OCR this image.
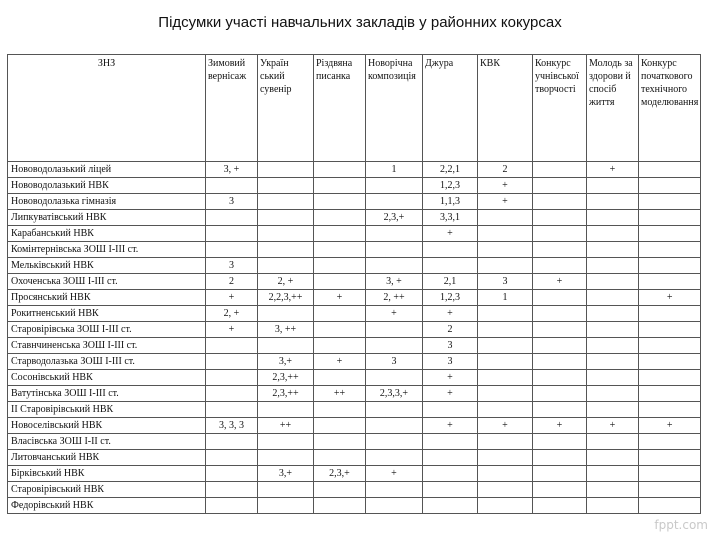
Підсумки участі навчальних закладів у районних кокурсах
ЗНЗ	Зимовий вернісаж	Україн ський сувенір	Різдвяна писанка	Новорічна композиція	Джура	КВК	Конкурс учнівської творчості	Молодь за здорови й спосіб життя	Конкурс початкового технічного моделювання
Нововодолазький ліцей	3, +			1	2,2,1	2		+	
Нововодолазький НВК					1,2,3	+			
Нововодолазька гімназія	3				1,1,3	+			
Липкуватівський НВК				2,3,+	3,3,1				
Карабанський НВК					+				
Комінтернівська ЗОШ І-ІІІ ст.									
Мельківський НВК	3								
Охоченська ЗОШ І-ІІІ ст.	2	2, +		3, +	2,1	3	+		
Просянський НВК	+	2,2,3,++	+	2, ++	1,2,3	1			+
Рокитненський НВК	2, +			+	+				
Старовірівська ЗОШ І-ІІІ ст.	+	3, ++			2				
Ставнчиненська ЗОШ І-ІІІ ст.					3				
Старводолазька ЗОШ І-ІІІ ст.		3,+	+	3	3				
Сосонівський НВК		2,3,++			+				
Ватутінська ЗОШ І-ІІІ ст.		2,3,++	++	2,3,3,+	+				
ІІ Старовірівський НВК									
Новоселівський НВК	3, 3, 3	++			+	+	+	+	+
Власівська ЗОШ І-ІІ ст.									
Литовчанський НВК									
Бірківський НВК		3,+	2,3,+	+					
Старовірівський НВК									
Федорівський НВК									
fppt.com
